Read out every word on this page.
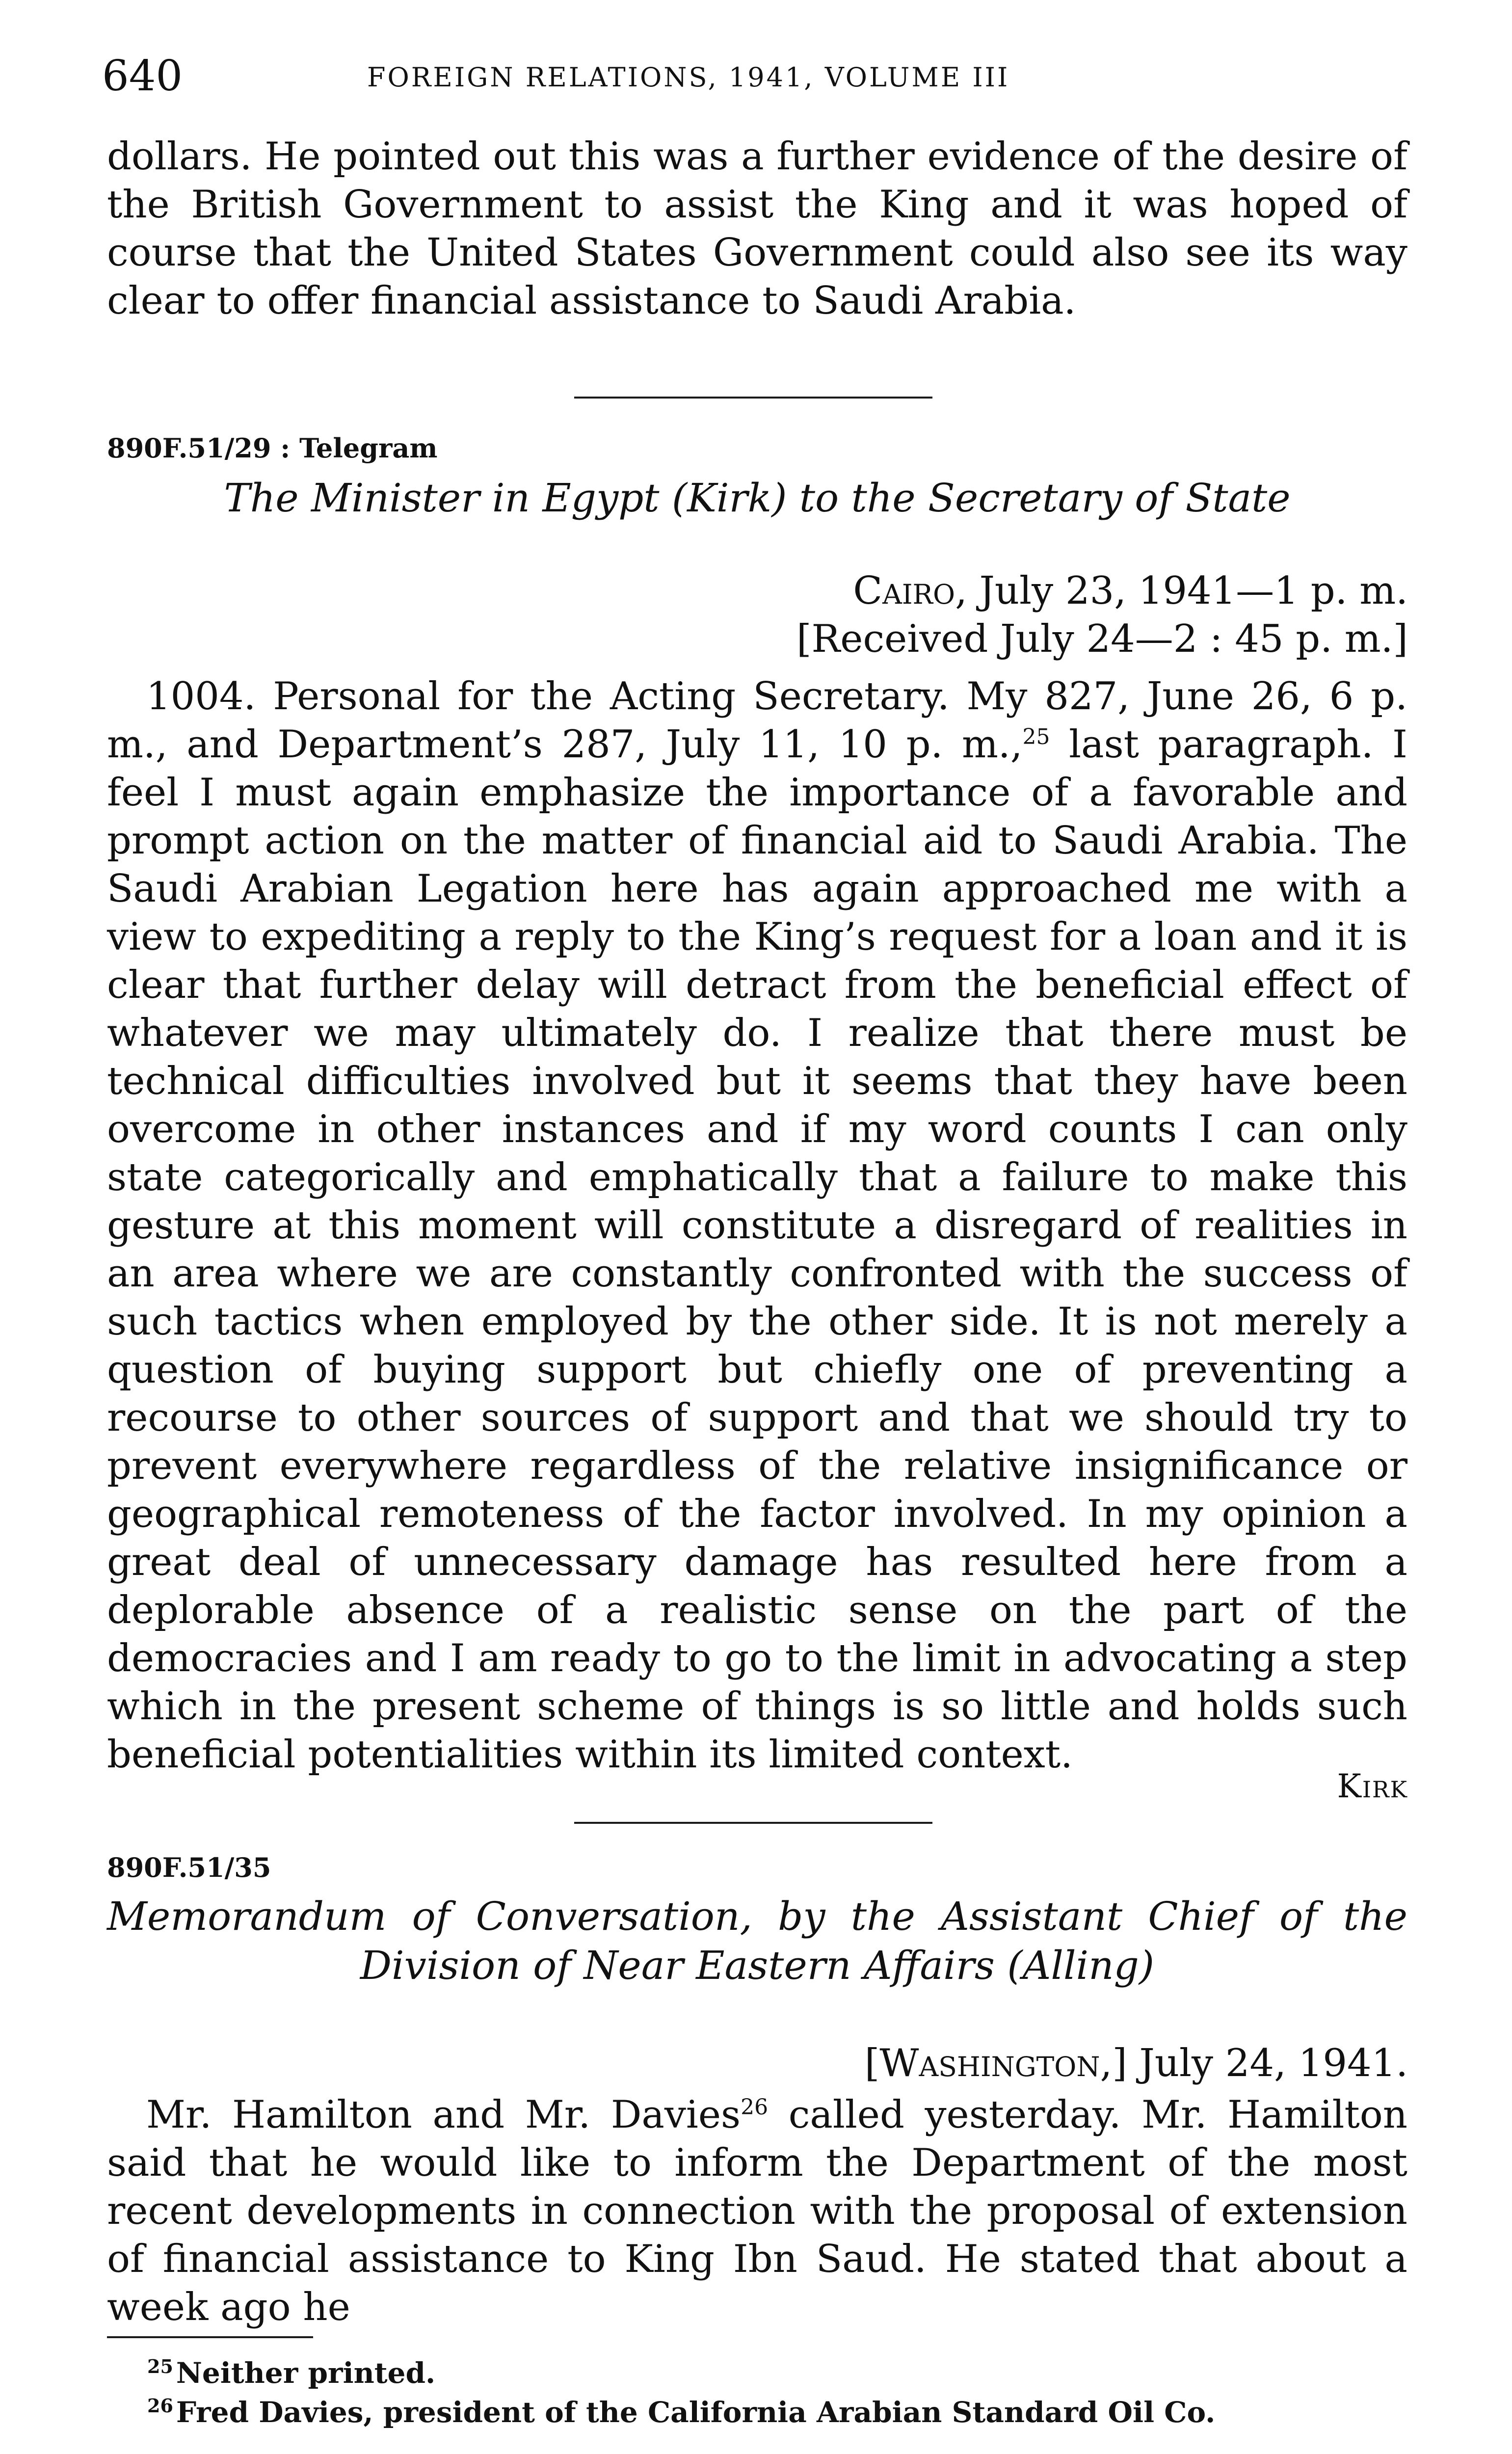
640	FOREIGN RELATIONS, 1941, VOLUME III

dollars. He pointed out this was a further evidence of the desire of the British Government to assist the King and it was hoped of course that the United States Government could also see its way clear to offer financial assistance to Saudi Arabia.

890F.51/29 : Telegram
The Minister in Egypt (Kirk) to the Secretary of State
Cairo, July 23, 1941—1 p. m.
[Received July 24—2 : 45 p. m.]

1004. Personal for the Acting Secretary. My 827, June 26, 6 p. m., and Department’s 287, July 11, 10 p. m.,$^{25}$ last paragraph. I feel I must again emphasize the importance of a favorable and prompt action on the matter of financial aid to Saudi Arabia. The Saudi Arabian Legation here has again approached me with a view to expediting a reply to the King’s request for a loan and it is clear that further delay will detract from the beneficial effect of whatever we may ultimately do. I realize that there must be technical difficulties involved but it seems that they have been overcome in other instances and if my word counts I can only state categorically and emphatically that a failure to make this gesture at this moment will constitute a disregard of realities in an area where we are constantly confronted with the success of such tactics when employed by the other side. It is not merely a question of buying support but chiefly one of preventing a recourse to other sources of support and that we should try to prevent everywhere regardless of the relative insignificance or geographical remoteness of the factor involved. In my opinion a great deal of unnecessary damage has resulted here from a deplorable absence of a realistic sense on the part of the democracies and I am ready to go to the limit in advocating a step which in the present scheme of things is so little and holds such beneficial potentialities within its limited context.

Kirk
890F.51/35
Memorandum of Conversation, by the Assistant Chief of the Division of Near Eastern Affairs (Alling)
[Washington,] July 24, 1941.

Mr. Hamilton and Mr. Davies$^{26}$ called yesterday. Mr. Hamilton said that he would like to inform the Department of the most recent developments in connection with the proposal of extension of financial assistance to King Ibn Saud. He stated that about a week ago he

$^{25}$ Neither printed.
$^{26}$ Fred Davies, president of the California Arabian Standard Oil Co.
